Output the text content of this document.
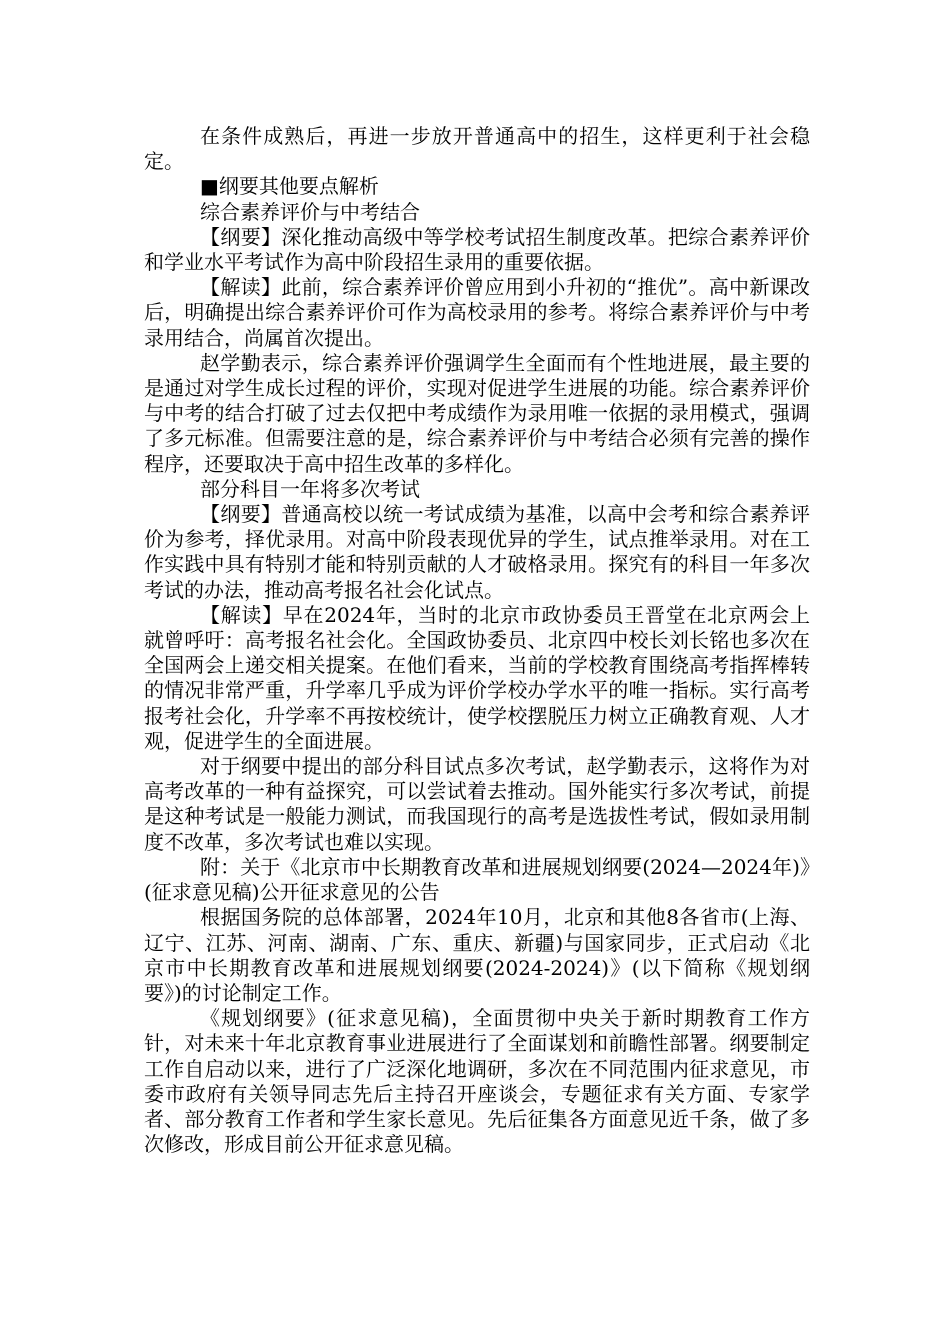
在条件成熟后，再进一步放开普通高中的招生，这样更利于社会稳定。

■纲要其他要点解析

综合素养评价与中考结合

【纲要】深化推动高级中等学校考试招生制度改革。把综合素养评价和学业水平考试作为高中阶段招生录用的重要依据。

【解读】此前，综合素养评价曾应用到小升初的“推优”。高中新课改后，明确提出综合素养评价可作为高校录用的参考。将综合素养评价与中考录用结合，尚属首次提出。

赵学勤表示，综合素养评价强调学生全面而有个性地进展，最主要的是通过对学生成长过程的评价，实现对促进学生进展的功能。综合素养评价与中考的结合打破了过去仅把中考成绩作为录用唯一依据的录用模式，强调了多元标准。但需要注意的是，综合素养评价与中考结合必须有完善的操作程序，还要取决于高中招生改革的多样化。

部分科目一年将多次考试

【纲要】普通高校以统一考试成绩为基准，以高中会考和综合素养评价为参考，择优录用。对高中阶段表现优异的学生，试点推举录用。对在工作实践中具有特别才能和特别贡献的人才破格录用。探究有的科目一年多次考试的办法，推动高考报名社会化试点。

【解读】早在2024年，当时的北京市政协委员王晋堂在北京两会上就曾呼吁：高考报名社会化。全国政协委员、北京四中校长刘长铭也多次在全国两会上递交相关提案。在他们看来，当前的学校教育围绕高考指挥棒转的情况非常严重，升学率几乎成为评价学校办学水平的唯一指标。实行高考报考社会化，升学率不再按校统计，使学校摆脱压力树立正确教育观、人才观，促进学生的全面进展。

对于纲要中提出的部分科目试点多次考试，赵学勤表示，这将作为对高考改革的一种有益探究，可以尝试着去推动。国外能实行多次考试，前提是这种考试是一般能力测试，而我国现行的高考是选拔性考试，假如录用制度不改革，多次考试也难以实现。

附：关于《北京市中长期教育改革和进展规划纲要(2024—2024年)》(征求意见稿)公开征求意见的公告

根据国务院的总体部署，2024年10月，北京和其他8各省市(上海、辽宁、江苏、河南、湖南、广东、重庆、新疆)与国家同步，正式启动《北京市中长期教育改革和进展规划纲要(2024-2024)》(以下简称《规划纲要》)的讨论制定工作。

《规划纲要》(征求意见稿)，全面贯彻中央关于新时期教育工作方针，对未来十年北京教育事业进展进行了全面谋划和前瞻性部署。纲要制定工作自启动以来，进行了广泛深化地调研，多次在不同范围内征求意见，市委市政府有关领导同志先后主持召开座谈会，专题征求有关方面、专家学者、部分教育工作者和学生家长意见。先后征集各方面意见近千条，做了多次修改，形成目前公开征求意见稿。
